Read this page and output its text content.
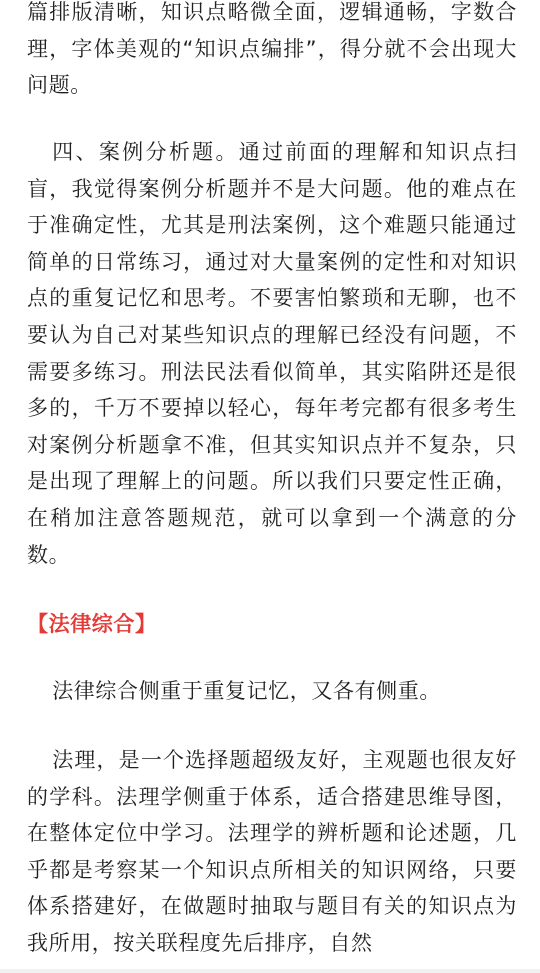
篇排版清晰，知识点略微全面，逻辑通畅，字数合理，字体美观的“知识点编排”，得分就不会出现大问题。

四、案例分析题。通过前面的理解和知识点扫盲，我觉得案例分析题并不是大问题。他的难点在于准确定性，尤其是刑法案例，这个难题只能通过简单的日常练习，通过对大量案例的定性和对知识点的重复记忆和思考。不要害怕繁琐和无聊，也不要认为自己对某些知识点的理解已经没有问题，不需要多练习。刑法民法看似简单，其实陷阱还是很多的，千万不要掉以轻心，每年考完都有很多考生对案例分析题拿不准，但其实知识点并不复杂，只是出现了理解上的问题。所以我们只要定性正确，在稍加注意答题规范，就可以拿到一个满意的分数。

【法律综合】

法律综合侧重于重复记忆，又各有侧重。

法理，是一个选择题超级友好，主观题也很友好的学科。法理学侧重于体系，适合搭建思维导图，在整体定位中学习。法理学的辨析题和论述题，几乎都是考察某一个知识点所相关的知识网络，只要体系搭建好，在做题时抽取与题目有关的知识点为我所用，按关联程度先后排序，自然
